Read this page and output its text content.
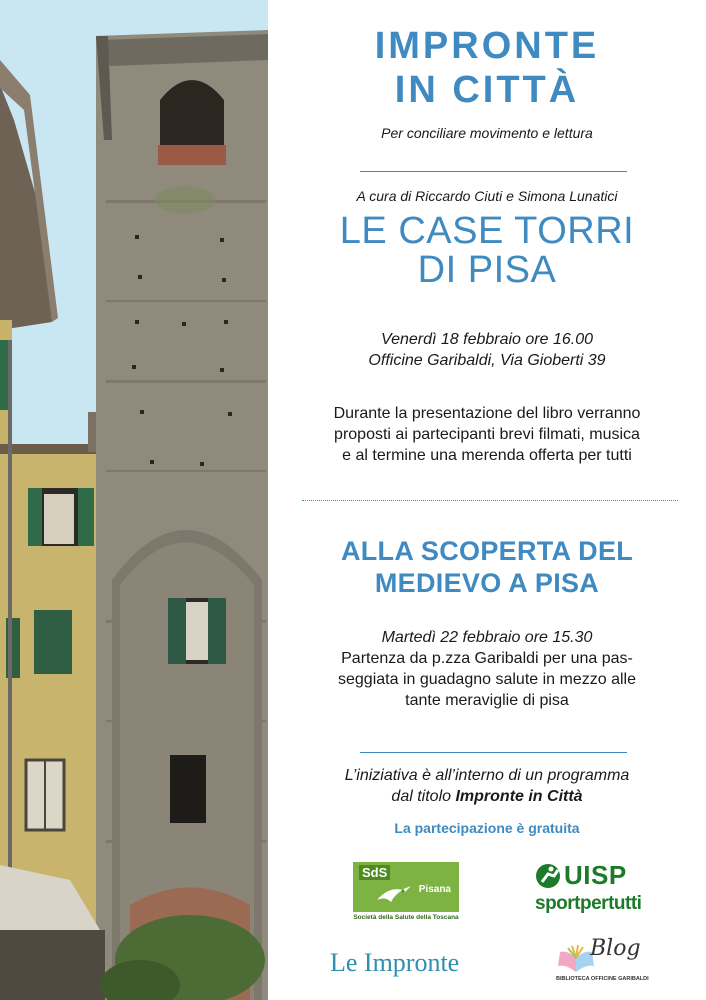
IMPRONTE
IN CITTÀ
Per conciliare movimento e lettura
A cura di Riccardo Ciuti e Simona Lunatici
LE CASE TORRI
DI PISA
Venerdì 18 febbraio ore 16.00
Officine Garibaldi, Via Gioberti 39
Durante la presentazione del libro verranno
proposti ai partecipanti brevi filmati, musica
e al termine una merenda offerta per tutti
ALLA SCOPERTA DEL
MEDIEVO A PISA
Martedì 22 febbraio ore 15.30
Partenza da p.zza Garibaldi per una pas-
seggiata in guadagno salute in mezzo alle
tante meraviglie di pisa
L’iniziativa è all’interno di un programma
dal titolo Impronte in Città
La partecipazione è gratuita
SdS
Pisana
Società della Salute della Toscana
UISP
sportpertutti
Le Impronte	Blog
BIBLIOTECA OFFICINE GARIBALDI
